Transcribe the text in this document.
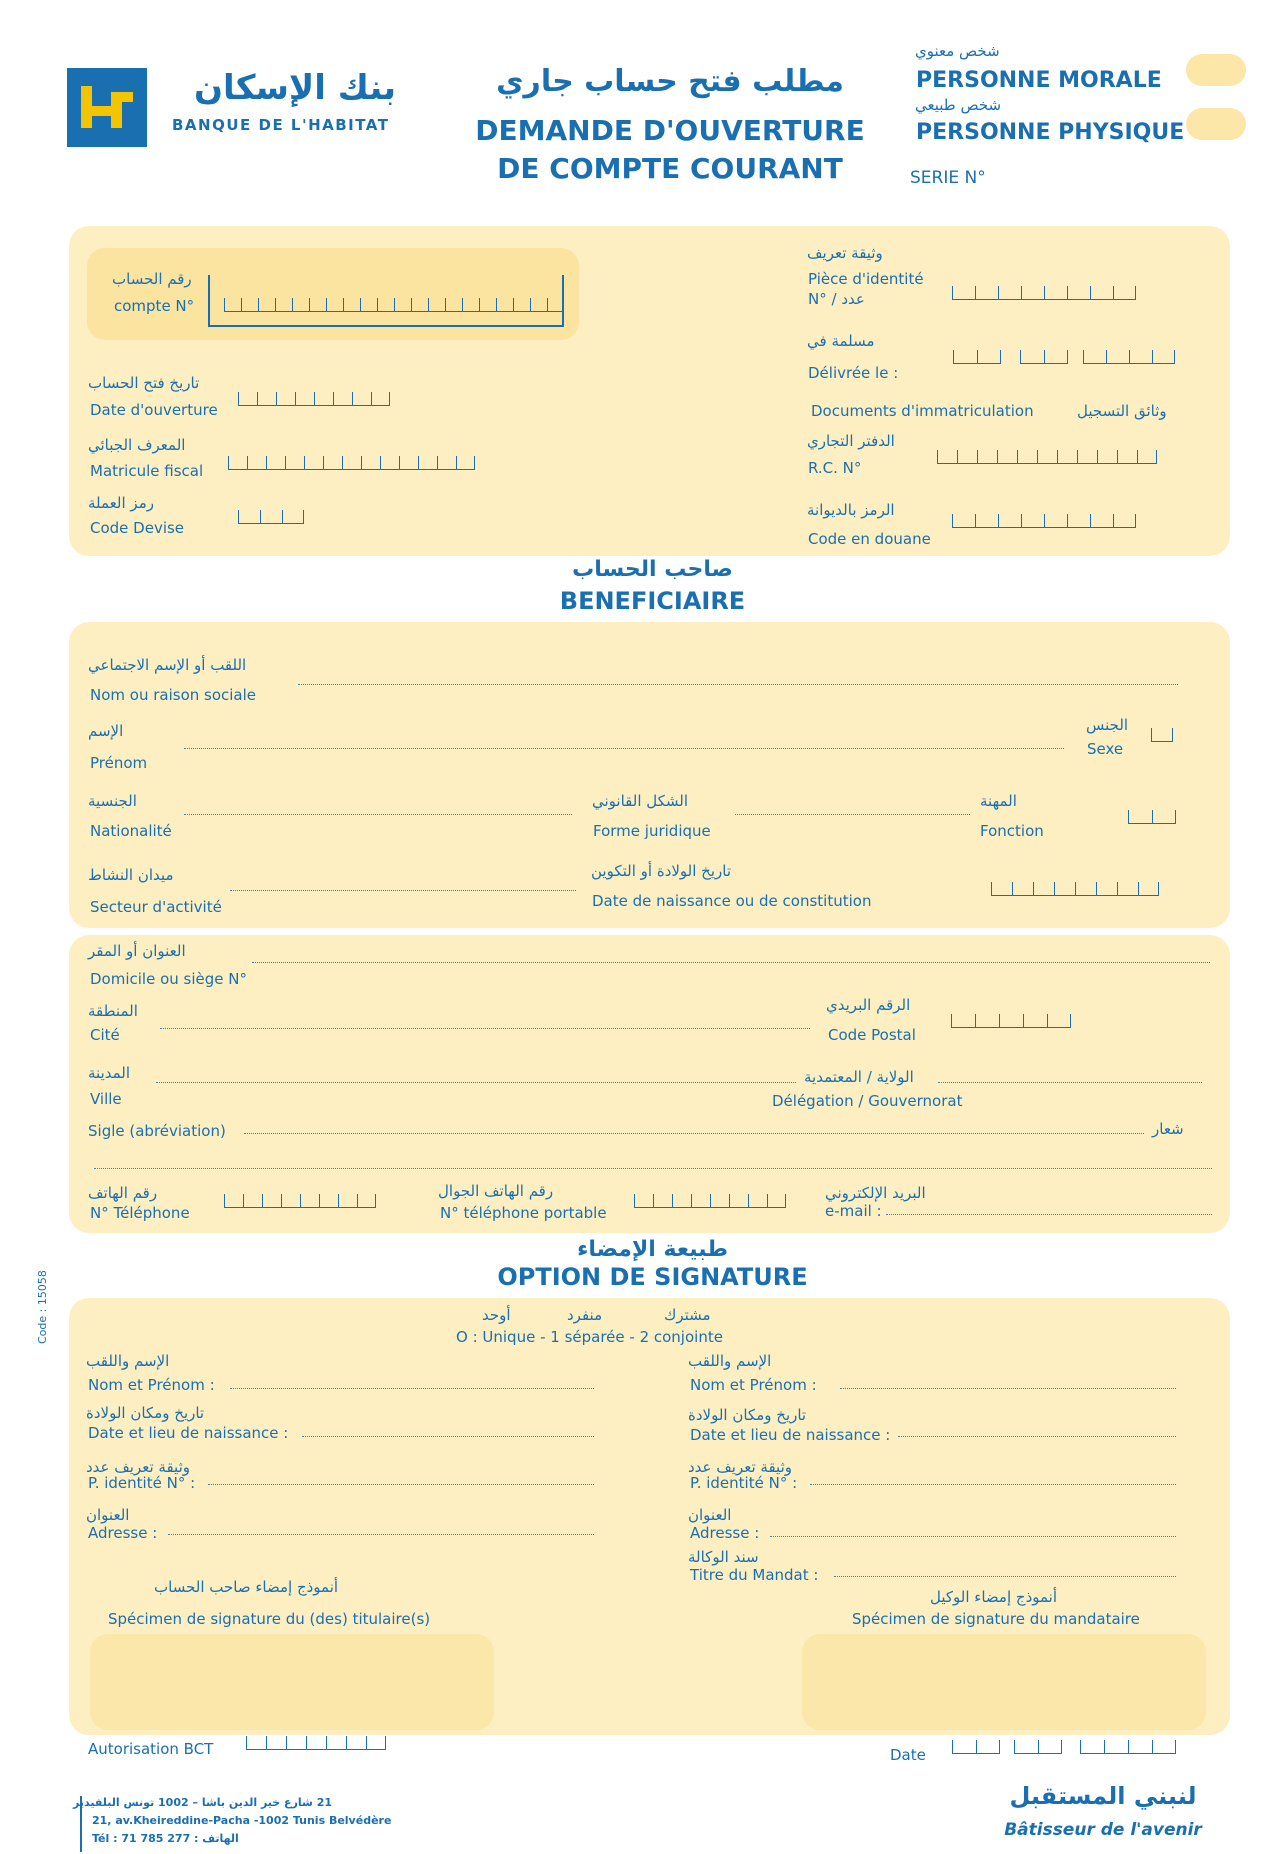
بنك الإسكان
BANQUE DE L'HABITAT
مطلب فتح حساب جاري
DEMANDE D'OUVERTURE
DE COMPTE COURANT
شخص معنوي
PERSONNE MORALE
شخص طبيعي
PERSONNE PHYSIQUE
SERIE N°
رقم الحساب
compte N°
تاريخ فتح الحساب
Date d'ouverture
المعرف الجبائي
Matricule fiscal
رمز العملة
Code Devise
وثيقة تعريف
Pièce d'identité
N° / عدد
مسلمة في
Délivrée le :
Documents d'immatriculation	وثائق التسجيل
الدفتر التجاري
R.C. N°
الرمز بالديوانة
Code en douane
صاحب الحساب
BENEFICIAIRE
اللقب أو الإسم الاجتماعي
Nom ou raison sociale
الإسم
Prénom
الجنس
Sexe
الجنسية
Nationalité
الشكل القانوني
Forme juridique
المهنة
Fonction
ميدان النشاط
Secteur d'activité
تاريخ الولادة أو التكوين
Date de naissance ou de constitution
العنوان أو المقر
Domicile ou siège N°
المنطقة
Cité
الرقم البريدي
Code Postal
المدينة
Ville
الولاية / المعتمدية
Délégation / Gouvernorat
Sigle (abréviation)	شعار
رقم الهاتف
N° Téléphone
رقم الهاتف الجوال
N° téléphone portable
البريد الإلكتروني
e-mail :
طبيعة الإمضاء
OPTION DE SIGNATURE
أوحد	منفرد	مشترك
O : Unique - 1 séparée - 2 conjointe
الإسم واللقب
Nom et Prénom :
تاريخ ومكان الولادة
Date et lieu de naissance :
وثيقة تعريف عدد
P. identité N° :
العنوان
Adresse :
أنموذج إمضاء صاحب الحساب
Spécimen de signature du (des) titulaire(s)
الإسم واللقب
Nom et Prénom :
تاريخ ومكان الولادة
Date et lieu de naissance :
وثيقة تعريف عدد
P. identité N° :
العنوان
Adresse :
سند الوكالة
Titre du Mandat :
أنموذج إمضاء الوكيل
Spécimen de signature du mandataire
Code : 15058
Autorisation BCT	Date
21 شارع خير الدين باشا – 1002 تونس البلفيدير
21, av.Kheireddine-Pacha -1002 Tunis Belvédère
Tél : 71 785 277 : الهاتف
لنبني المستقبل
Bâtisseur de l'avenir
